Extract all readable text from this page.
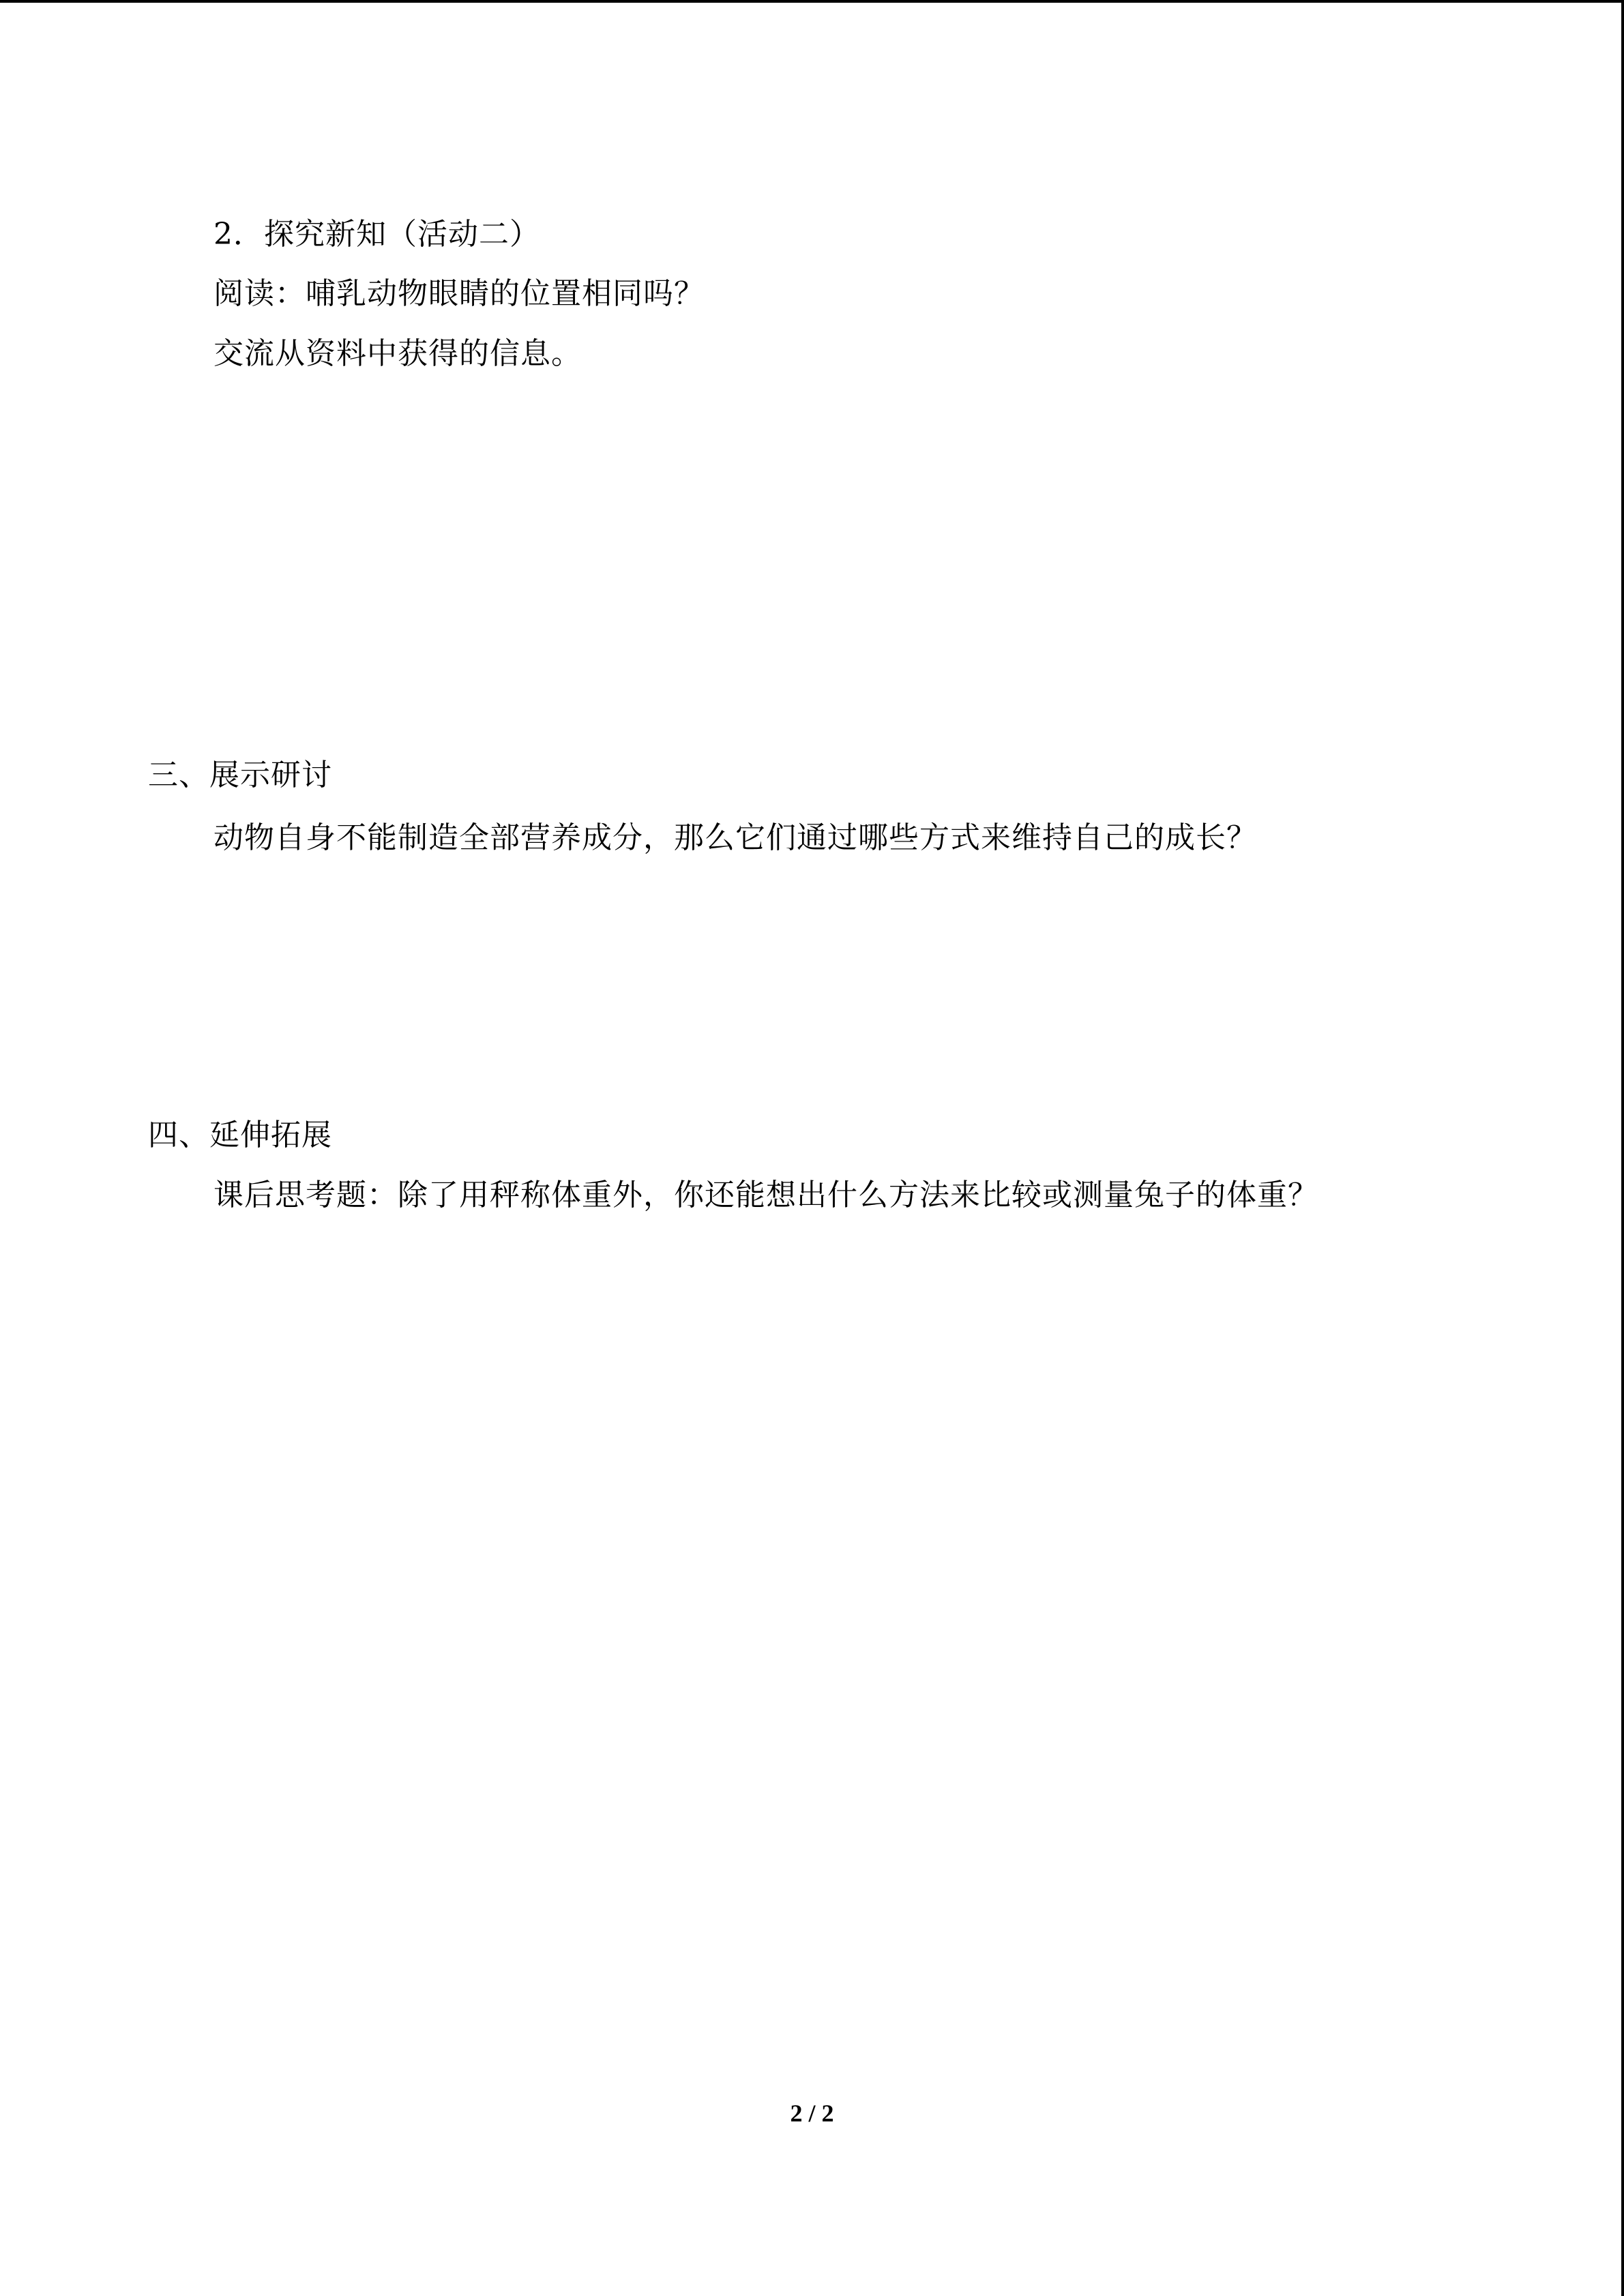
2．探究新知（活动二）
阅读：哺乳动物眼睛的位置相同吗？
交流从资料中获得的信息。
三、展示研讨
动物自身不能制造全部营养成分，那么它们通过哪些方式来维持自己的成长？
四、延伸拓展
课后思考题：除了用秤称体重外，你还能想出什么方法来比较或测量兔子的体重？
2 / 2
